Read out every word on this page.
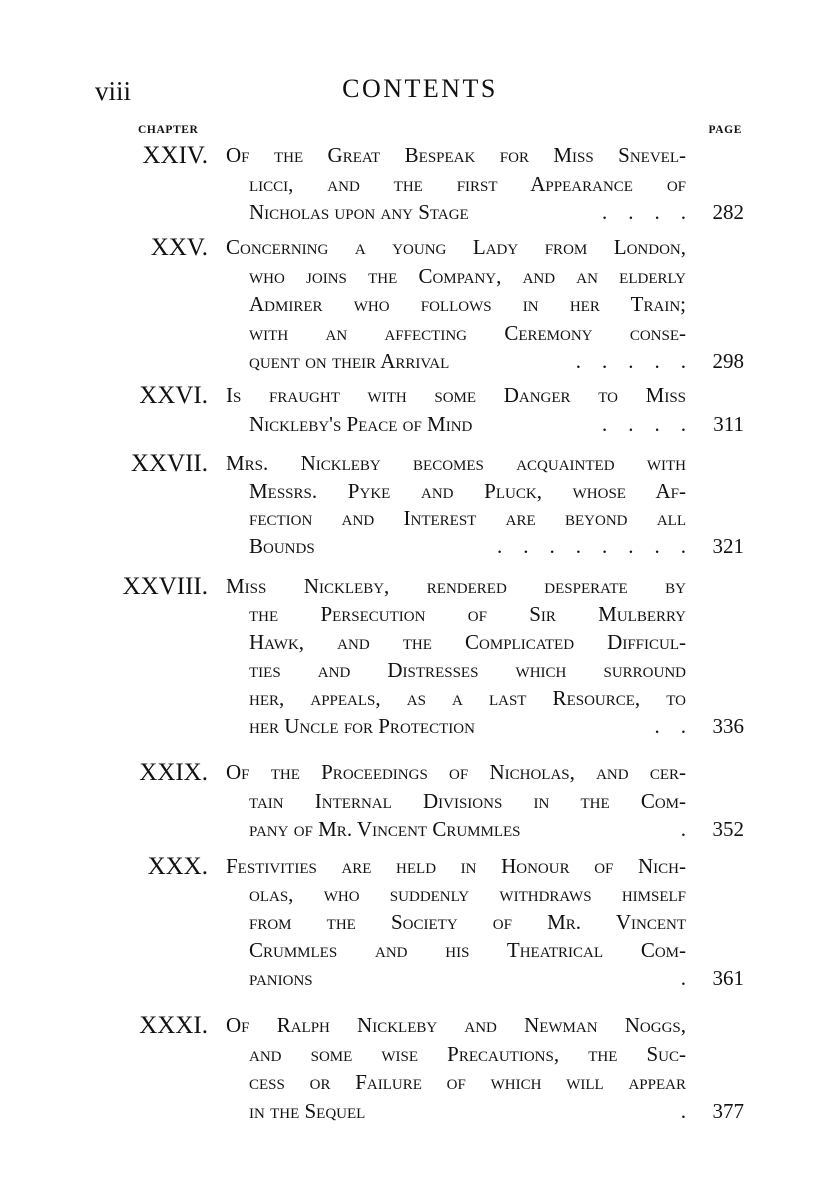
viii	CONTENTS
CHAPTER	PAGE
XXIV. Of the Great Bespeak for Miss Snevel-
licci, and the first Appearance of
Nicholas upon any Stage	. . . .	282
XXV. Concerning a young Lady from London,
who joins the Company, and an elderly
Admirer who follows in her Train;
with an affecting Ceremony conse-
quent on their Arrival	. . . . .	298
XXVI. Is fraught with some Danger to Miss
Nickleby's Peace of Mind	. . . .	311
XXVII. Mrs. Nickleby becomes acquainted with
Messrs. Pyke and Pluck, whose Af-
fection and Interest are beyond all
Bounds	. . . . . . . .	321
XXVIII. Miss Nickleby, rendered desperate by
the Persecution of Sir Mulberry
Hawk, and the Complicated Difficul-
ties and Distresses which surround
her, appeals, as a last Resource, to
her Uncle for Protection	. .	336
XXIX. Of the Proceedings of Nicholas, and cer-
tain Internal Divisions in the Com-
pany of Mr. Vincent Crummles	.	352
XXX. Festivities are held in Honour of Nich-
olas, who suddenly withdraws himself
from the Society of Mr. Vincent
Crummles and his Theatrical Com-
panions	.	361
XXXI. Of Ralph Nickleby and Newman Noggs,
and some wise Precautions, the Suc-
cess or Failure of which will appear
in the Sequel	.	377
